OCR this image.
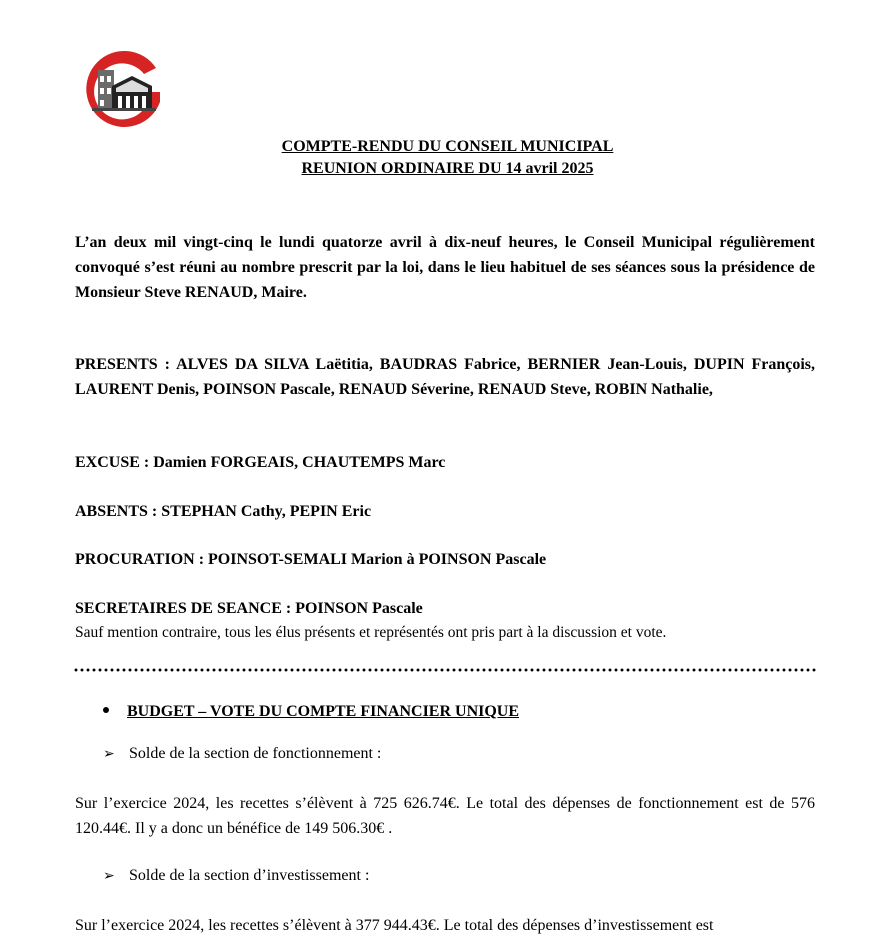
COMPTE-RENDU DU CONSEIL MUNICIPAL
REUNION ORDINAIRE DU 14 avril 2025
L’an deux mil vingt-cinq le lundi quatorze avril à dix-neuf heures, le Conseil Municipal régulièrement convoqué s’est réuni au nombre prescrit par la loi, dans le lieu habituel de ses séances sous la présidence de Monsieur Steve RENAUD, Maire.
PRESENTS : ALVES DA SILVA Laëtitia, BAUDRAS Fabrice, BERNIER Jean-Louis, DUPIN François, LAURENT Denis, POINSON Pascale, RENAUD Séverine, RENAUD Steve, ROBIN Nathalie,
EXCUSE : Damien FORGEAIS, CHAUTEMPS Marc
ABSENTS : STEPHAN Cathy, PEPIN Eric
PROCURATION : POINSOT-SEMALI Marion à POINSON Pascale
SECRETAIRES DE SEANCE : POINSON Pascale
Sauf mention contraire, tous les élus présents et représentés ont pris part à la discussion et vote.
BUDGET – VOTE DU COMPTE FINANCIER UNIQUE
➢ Solde de la section de fonctionnement :
Sur l’exercice 2024, les recettes s’élèvent à 725 626.74€. Le total des dépenses de fonctionnement est de 576 120.44€. Il y a donc un bénéfice de 149 506.30€ .
➢ Solde de la section d’investissement :
Sur l’exercice 2024, les recettes s’élèvent à 377 944.43€. Le total des dépenses d’investissement est
